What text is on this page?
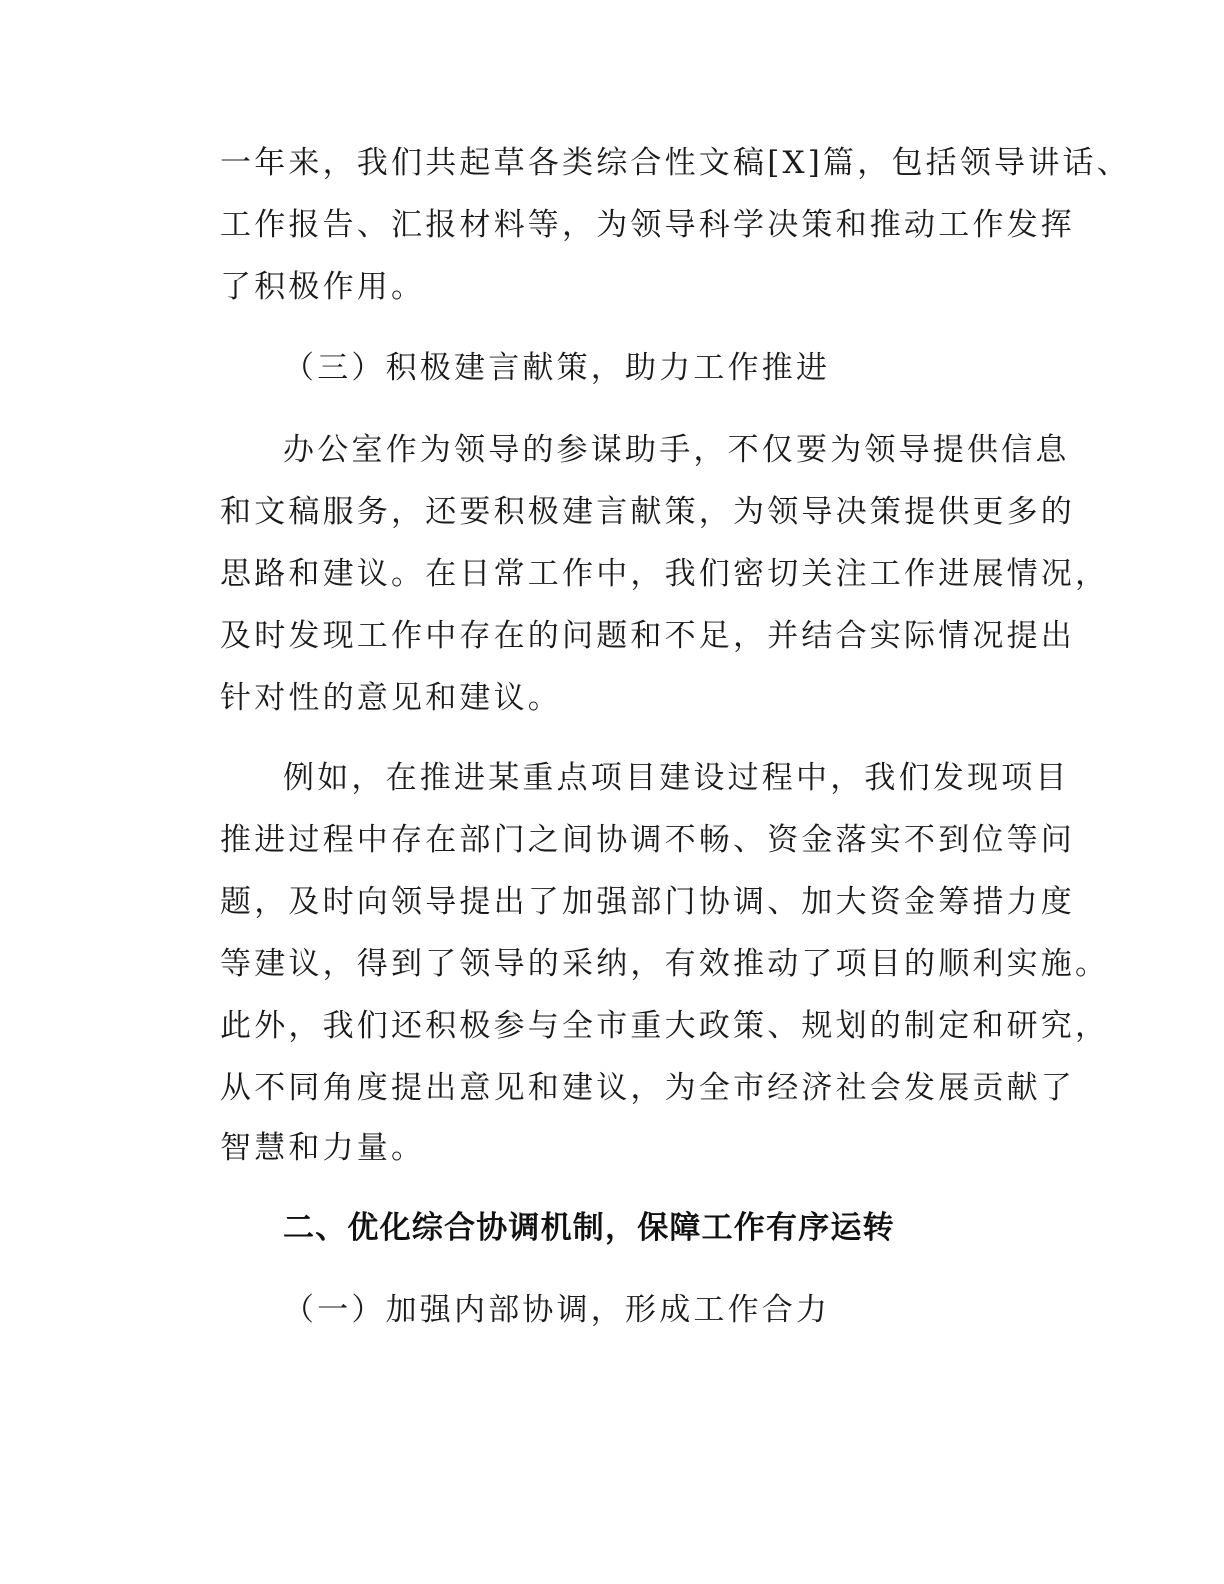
一年来，我们共起草各类综合性文稿[X]篇，包括领导讲话、
工作报告、汇报材料等，为领导科学决策和推动工作发挥
了积极作用。
（三）积极建言献策，助力工作推进
办公室作为领导的参谋助手，不仅要为领导提供信息
和文稿服务，还要积极建言献策，为领导决策提供更多的
思路和建议。在日常工作中，我们密切关注工作进展情况，
及时发现工作中存在的问题和不足，并结合实际情况提出
针对性的意见和建议。
例如，在推进某重点项目建设过程中，我们发现项目
推进过程中存在部门之间协调不畅、资金落实不到位等问
题，及时向领导提出了加强部门协调、加大资金筹措力度
等建议，得到了领导的采纳，有效推动了项目的顺利实施。
此外，我们还积极参与全市重大政策、规划的制定和研究，
从不同角度提出意见和建议，为全市经济社会发展贡献了
智慧和力量。
二、优化综合协调机制，保障工作有序运转
（一）加强内部协调，形成工作合力
